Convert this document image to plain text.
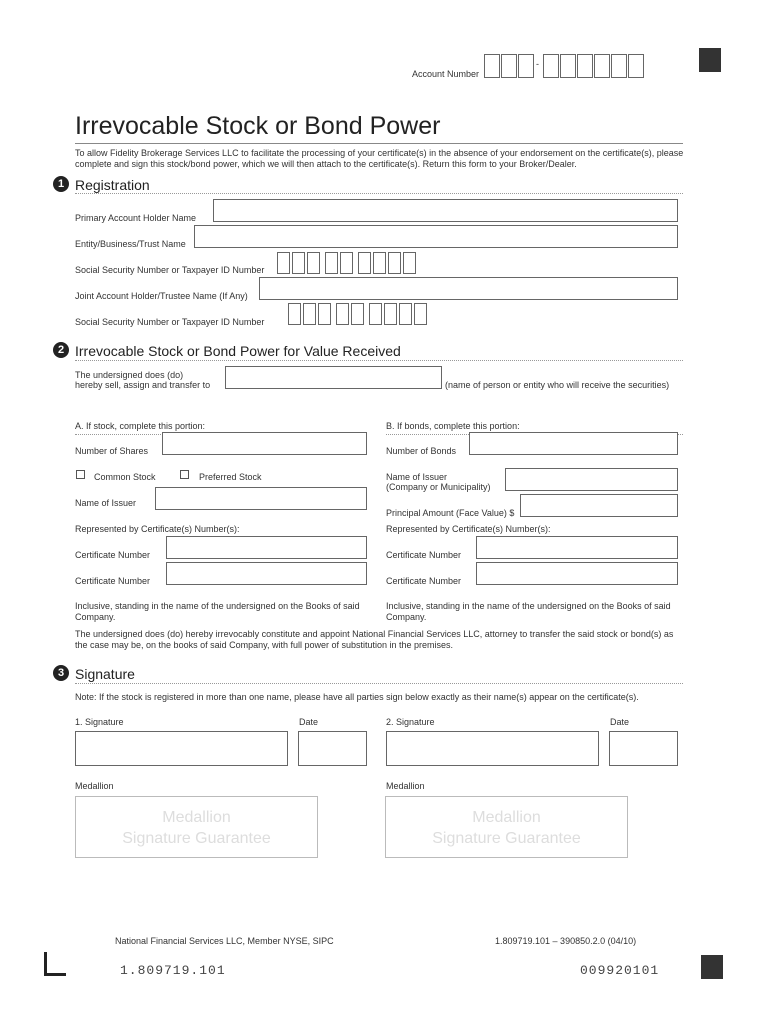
Account Number
-
Irrevocable Stock or Bond Power
To allow Fidelity Brokerage Services LLC to facilitate the processing of your certificate(s) in the absence of your endorsement on the certificate(s), please complete and sign this stock/bond power, which we will then attach to the certificate(s). Return this form to your Broker/Dealer.
1 Registration
Primary Account Holder Name
Entity/Business/Trust Name
Social Security Number or Taxpayer ID Number
Joint Account Holder/Trustee Name (If Any)
Social Security Number or Taxpayer ID Number
2 Irrevocable Stock or Bond Power for Value Received
The undersigned does (do)
hereby sell, assign and transfer to	(name of person or entity who will receive the securities)
A. If stock, complete this portion:
Number of Shares
Common Stock	Preferred Stock
Name of Issuer
Represented by Certificate(s) Number(s):
Certificate Number
Certificate Number
Inclusive, standing in the name of the undersigned on the Books of said Company.
B. If bonds, complete this portion:
Number of Bonds
Name of Issuer
(Company or Municipality)
Principal Amount (Face Value) $
Represented by Certificate(s) Number(s):
Certificate Number
Certificate Number
Inclusive, standing in the name of the undersigned on the Books of said Company.
The undersigned does (do) hereby irrevocably constitute and appoint National Financial Services LLC, attorney to transfer the said stock or bond(s) as the case may be, on the books of said Company, with full power of substitution in the premises.
3 Signature
Note: If the stock is registered in more than one name, please have all parties sign below exactly as their name(s) appear on the certificate(s).
1. Signature	Date	2. Signature	Date
Medallion	Medallion
Medallion
Signature Guarantee
Medallion
Signature Guarantee
National Financial Services LLC, Member NYSE, SIPC	1.809719.101 – 390850.2.0 (04/10)
1.809719.101	009920101
